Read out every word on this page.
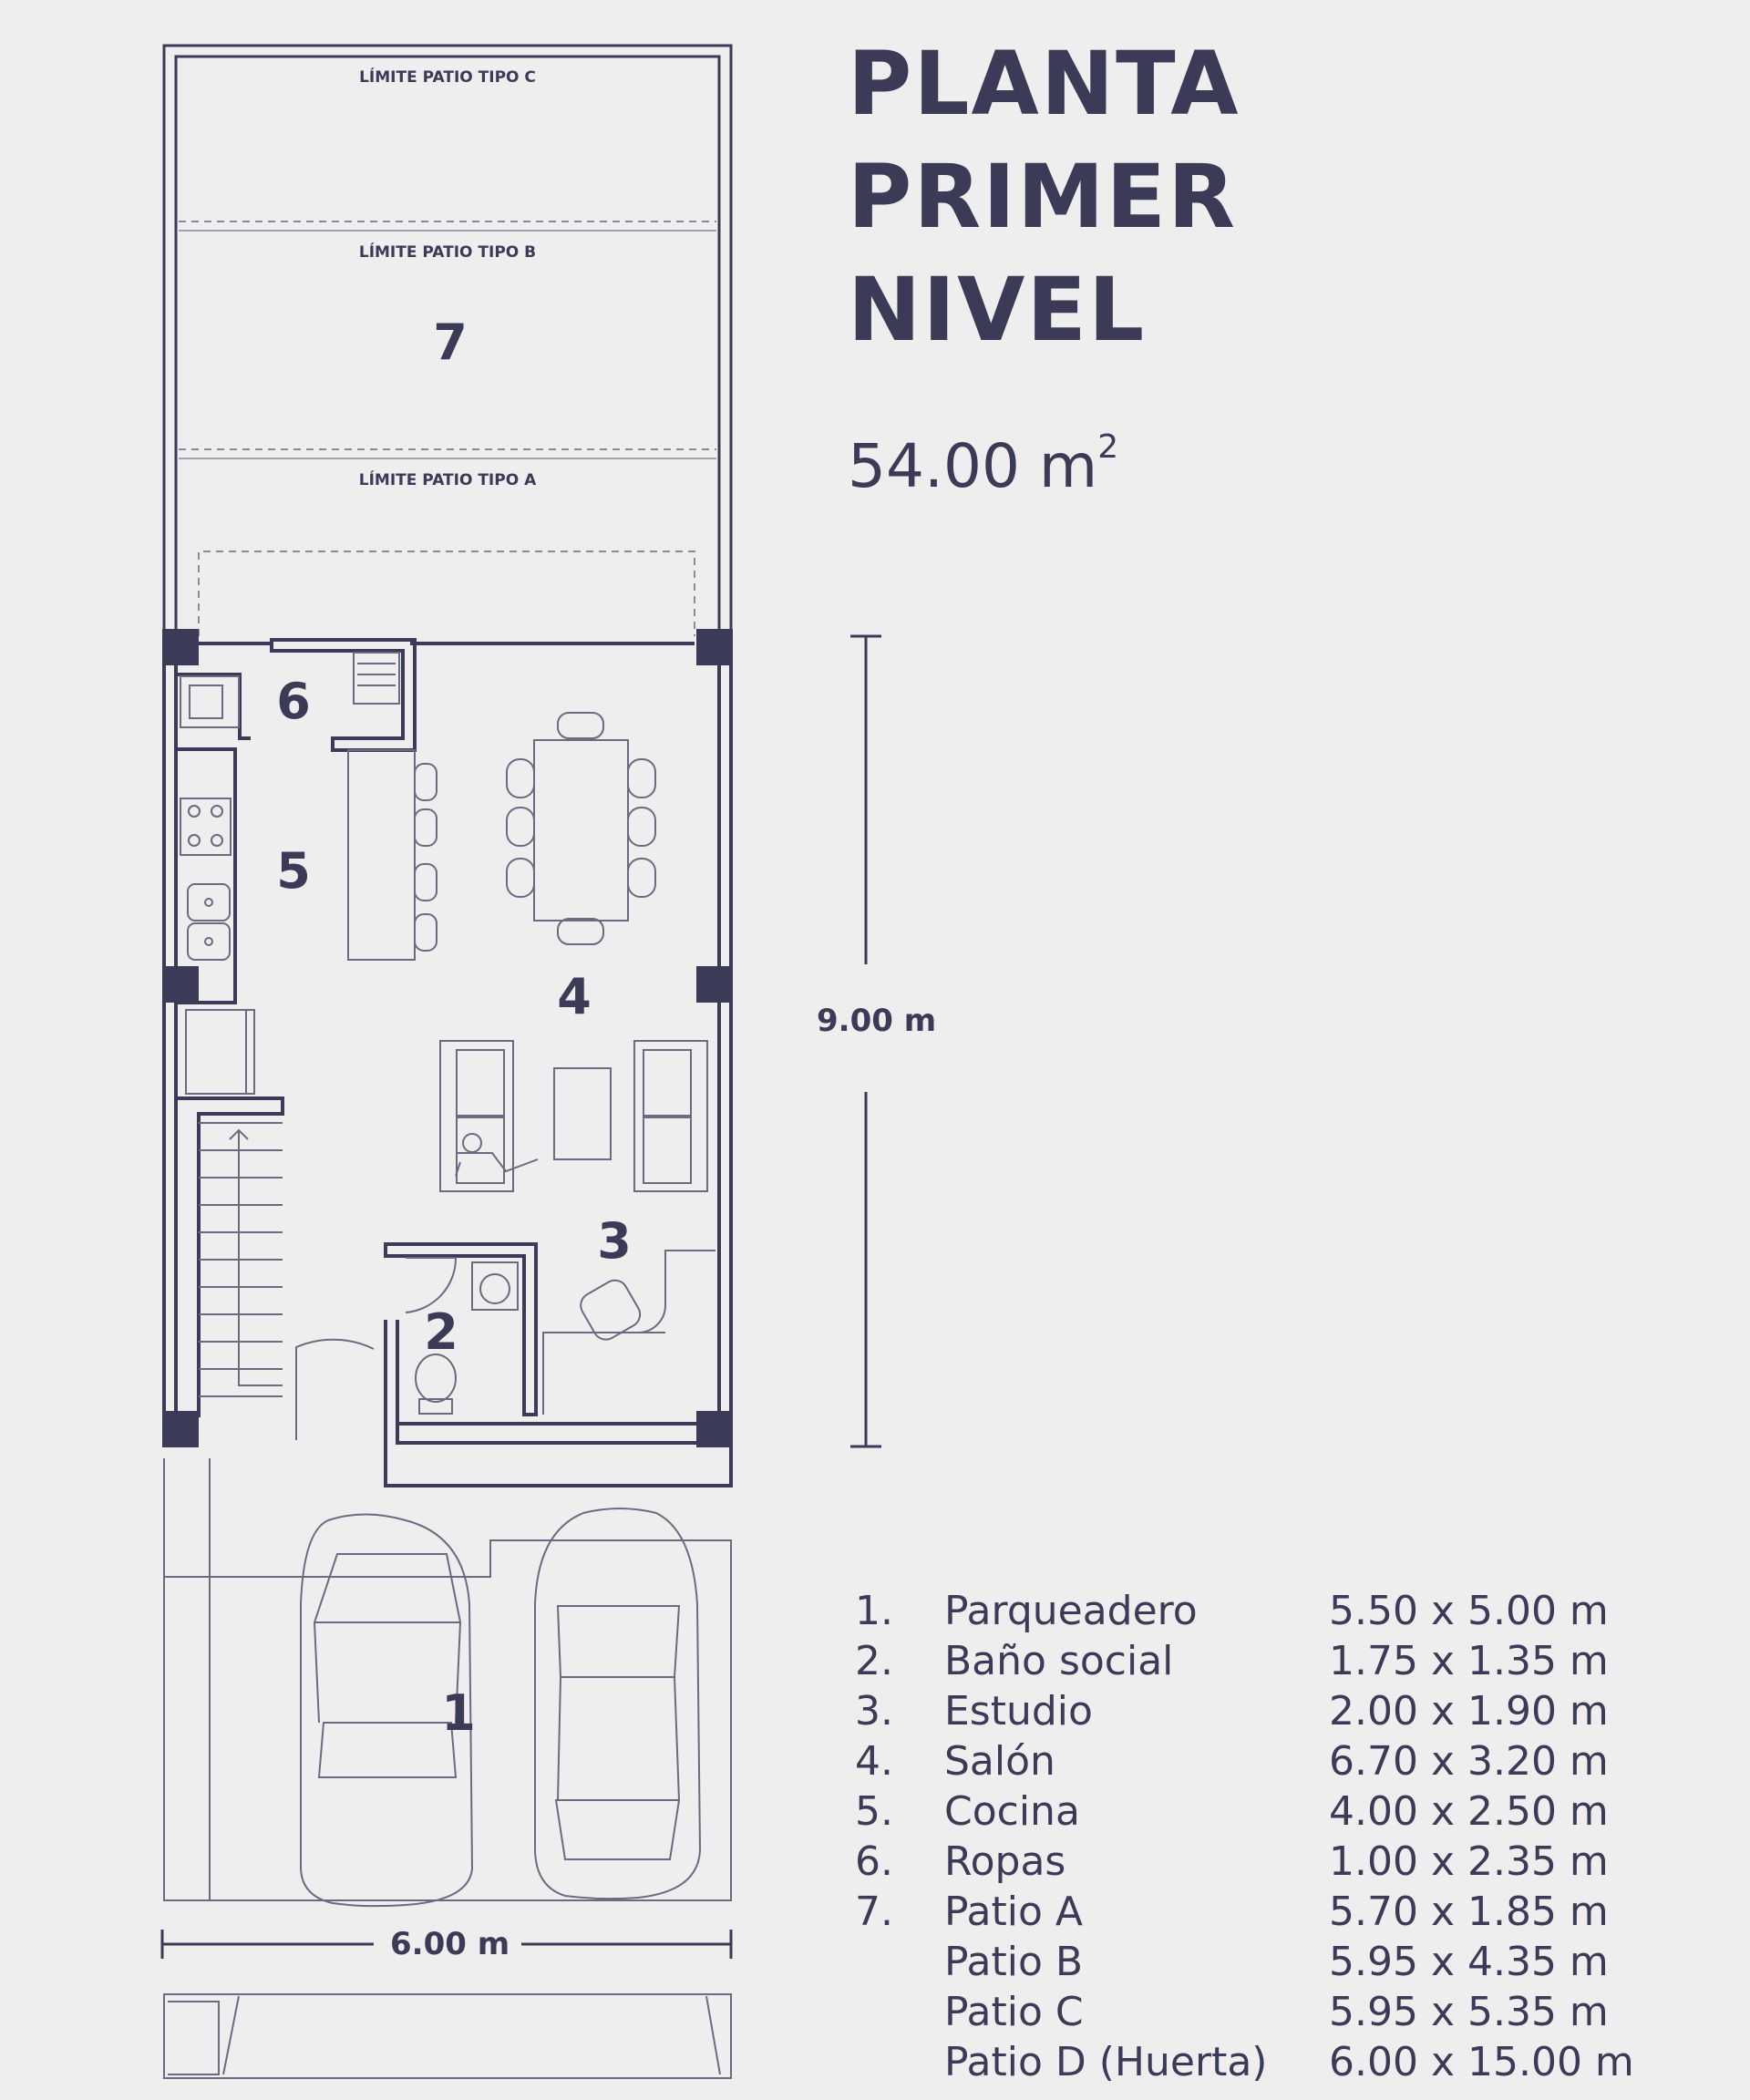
LÍMITE PATIO TIPO C
LÍMITE PATIO TIPO B
LÍMITE PATIO TIPO A
1
2
3
4
5
6
7
PLANTA
PRIMER
NIVEL
54.00 $m^2$
9.00 m
6.00 m
1.	Parqueadero	5.50 x 5.00 m
2.	Baño social	1.75 x 1.35 m
3.	Estudio	2.00 x 1.90 m
4.	Salón	6.70 x 3.20 m
5.	Cocina	4.00 x 2.50 m
6.	Ropas	1.00 x 2.35 m
7.	Patio A	5.70 x 1.85 m
Patio B	5.95 x 4.35 m
Patio C	5.95 x 5.35 m
Patio D (Huerta) 6.00 x 15.00 m
